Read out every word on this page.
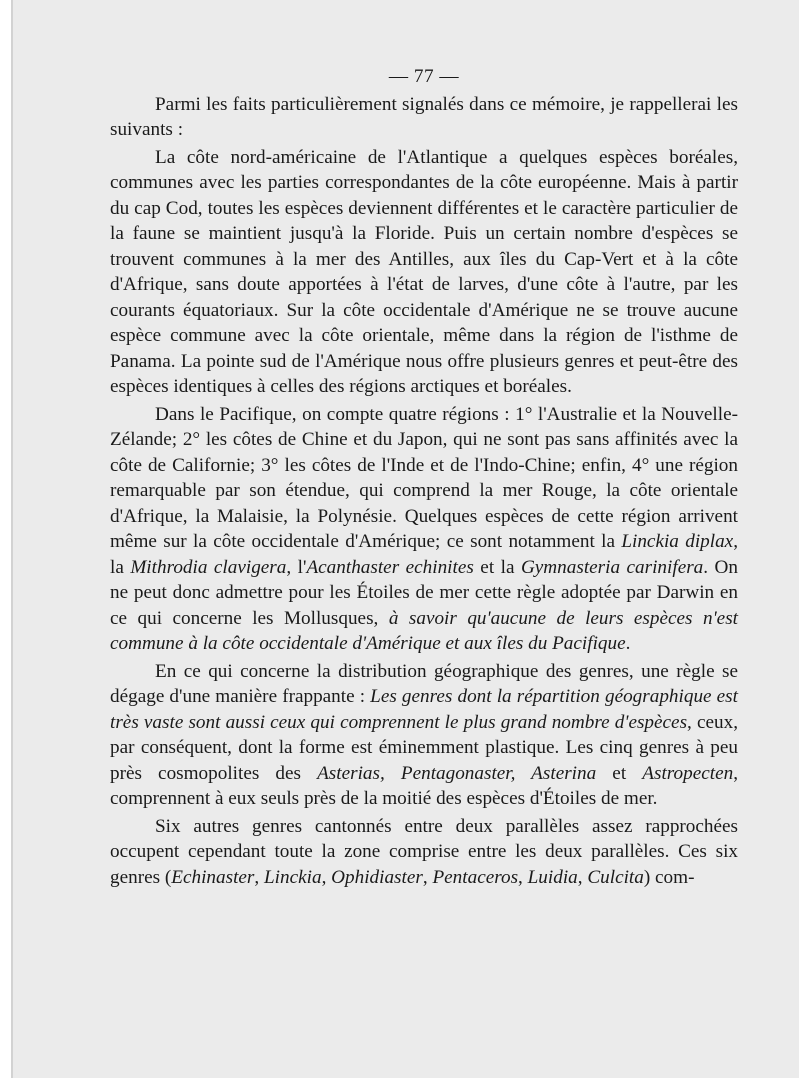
— 77 —

Parmi les faits particulièrement signalés dans ce mémoire, je rappellerai les suivants :

La côte nord-américaine de l'Atlantique a quelques espèces boréales, communes avec les parties correspondantes de la côte européenne. Mais à partir du cap Cod, toutes les espèces deviennent différentes et le caractère particulier de la faune se maintient jusqu'à la Floride. Puis un certain nombre d'espèces se trouvent communes à la mer des Antilles, aux îles du Cap-Vert et à la côte d'Afrique, sans doute apportées à l'état de larves, d'une côte à l'autre, par les courants équatoriaux. Sur la côte occidentale d'Amérique ne se trouve aucune espèce commune avec la côte orientale, même dans la région de l'isthme de Panama. La pointe sud de l'Amérique nous offre plusieurs genres et peut-être des espèces identiques à celles des régions arctiques et boréales.

Dans le Pacifique, on compte quatre régions : 1° l'Australie et la Nouvelle-Zélande; 2° les côtes de Chine et du Japon, qui ne sont pas sans affinités avec la côte de Californie; 3° les côtes de l'Inde et de l'Indo-Chine; enfin, 4° une région remarquable par son étendue, qui comprend la mer Rouge, la côte orientale d'Afrique, la Malaisie, la Polynésie. Quelques espèces de cette région arrivent même sur la côte occidentale d'Amérique; ce sont notamment la Linckia diplax, la Mithrodia clavigera, l'Acanthaster echinites et la Gymnasteria carinifera. On ne peut donc admettre pour les Étoiles de mer cette règle adoptée par Darwin en ce qui concerne les Mollusques, à savoir qu'aucune de leurs espèces n'est commune à la côte occidentale d'Amérique et aux îles du Pacifique.

En ce qui concerne la distribution géographique des genres, une règle se dégage d'une manière frappante : Les genres dont la répartition géographique est très vaste sont aussi ceux qui comprennent le plus grand nombre d'espèces, ceux, par conséquent, dont la forme est éminemment plastique. Les cinq genres à peu près cosmopolites des Asterias, Pentagonaster, Asterina et Astropecten, comprennent à eux seuls près de la moitié des espèces d'Étoiles de mer.

Six autres genres cantonnés entre deux parallèles assez rapprochées occupent cependant toute la zone comprise entre les deux parallèles. Ces six genres (Echinaster, Linckia, Ophidiaster, Pentaceros, Luidia, Culcita) com-
